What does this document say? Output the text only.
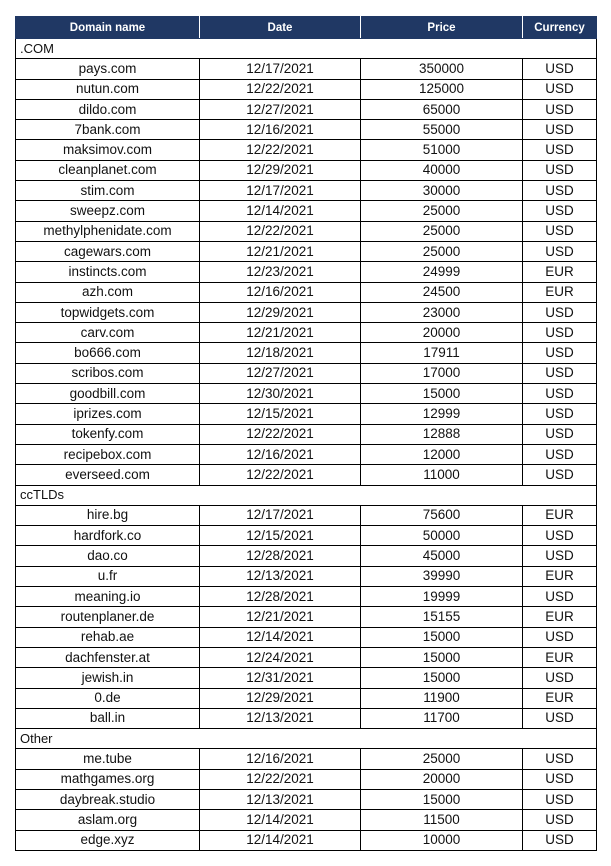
Domain name	Date	Price	Currency
.COM			
pays.com	12/17/2021	350000	USD
nutun.com	12/22/2021	125000	USD
dildo.com	12/27/2021	65000	USD
7bank.com	12/16/2021	55000	USD
maksimov.com	12/22/2021	51000	USD
cleanplanet.com	12/29/2021	40000	USD
stim.com	12/17/2021	30000	USD
sweepz.com	12/14/2021	25000	USD
methylphenidate.com	12/22/2021	25000	USD
cagewars.com	12/21/2021	25000	USD
instincts.com	12/23/2021	24999	EUR
azh.com	12/16/2021	24500	EUR
topwidgets.com	12/29/2021	23000	USD
carv.com	12/21/2021	20000	USD
bo666.com	12/18/2021	17911	USD
scribos.com	12/27/2021	17000	USD
goodbill.com	12/30/2021	15000	USD
iprizes.com	12/15/2021	12999	USD
tokenfy.com	12/22/2021	12888	USD
recipebox.com	12/16/2021	12000	USD
everseed.com	12/22/2021	11000	USD
ccTLDs			
hire.bg	12/17/2021	75600	EUR
hardfork.co	12/15/2021	50000	USD
dao.co	12/28/2021	45000	USD
u.fr	12/13/2021	39990	EUR
meaning.io	12/28/2021	19999	USD
routenplaner.de	12/21/2021	15155	EUR
rehab.ae	12/14/2021	15000	USD
dachfenster.at	12/24/2021	15000	EUR
jewish.in	12/31/2021	15000	USD
0.de	12/29/2021	11900	EUR
ball.in	12/13/2021	11700	USD
Other			
me.tube	12/16/2021	25000	USD
mathgames.org	12/22/2021	20000	USD
daybreak.studio	12/13/2021	15000	USD
aslam.org	12/14/2021	11500	USD
edge.xyz	12/14/2021	10000	USD
